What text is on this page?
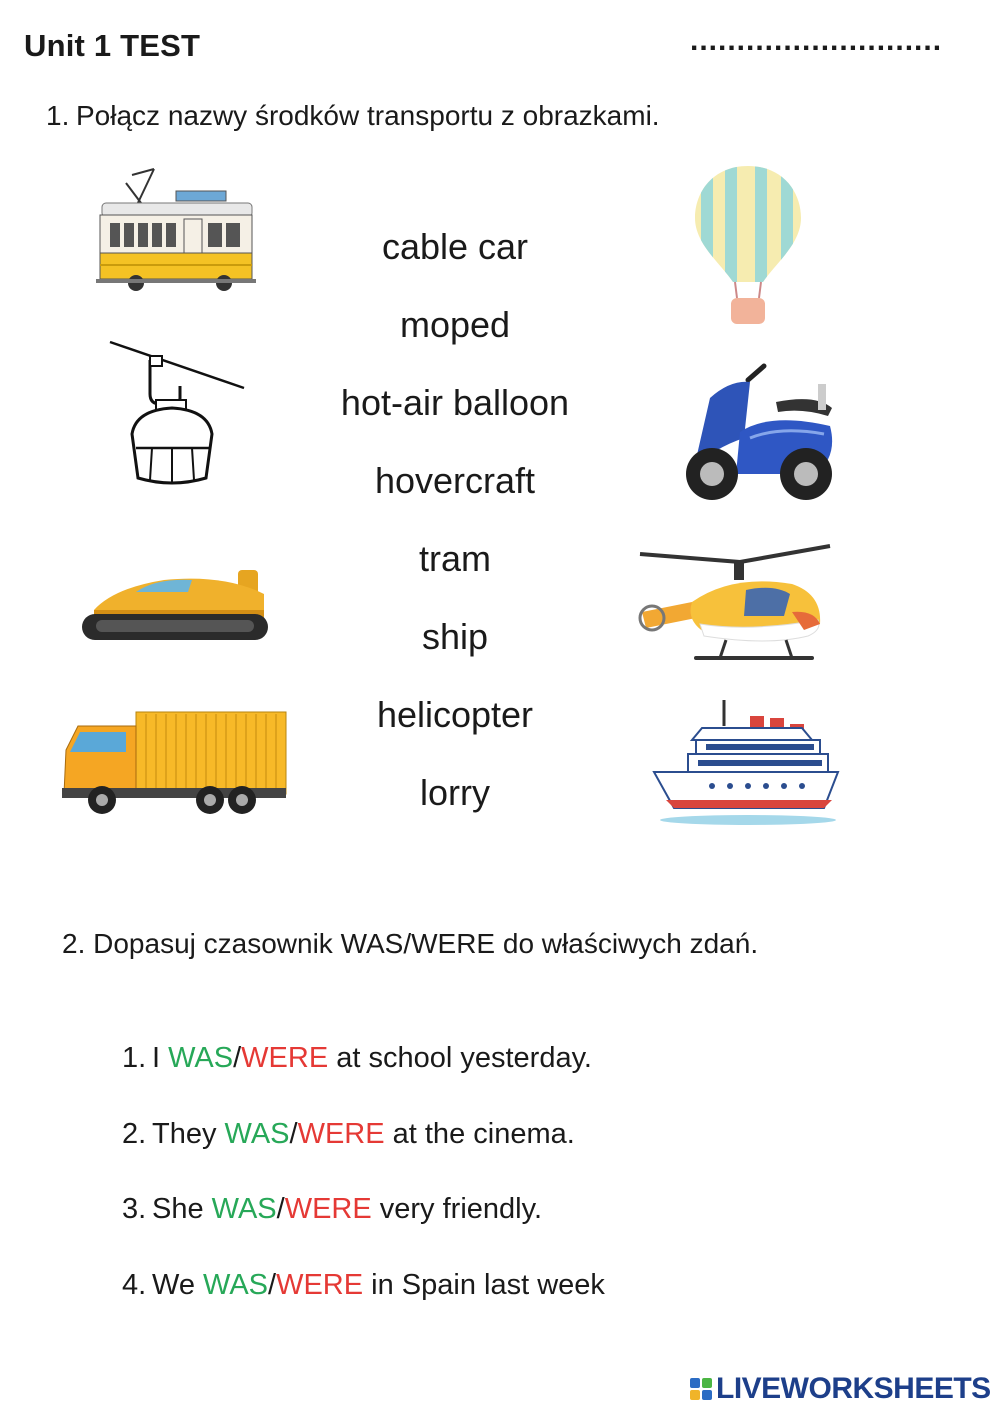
Unit 1 TEST	...........................
1. Połącz nazwy środków transportu z obrazkami.
cable car
moped
hot-air balloon
hovercraft
tram
ship
helicopter
lorry
2. Dopasuj czasownik WAS/WERE do właściwych zdań.
1. I WAS/WERE at school yesterday.
2. They WAS/WERE at the cinema.
3. She WAS/WERE very friendly.
4. We WAS/WERE in Spain last week
LIVEWORKSHEETS
